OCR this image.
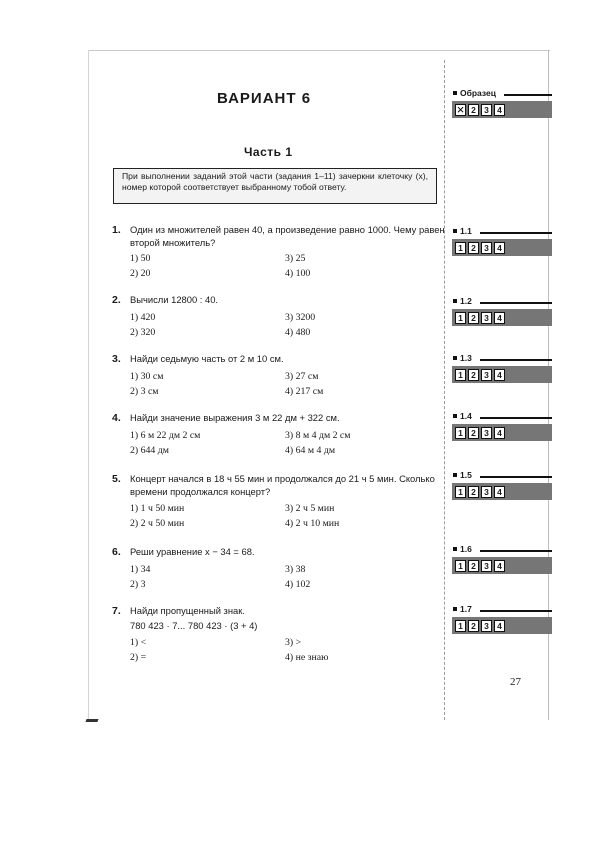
ВАРИАНТ 6
Часть 1
При выполнении заданий этой части (задания 1–11) зачеркни клеточку (х), номер которой соответствует выбранному тобой ответу.
1. Один из множителей равен 40, а произведение равно 1000. Чему равен второй множитель?
1) 50	3) 25
2) 20	4) 100
2. Вычисли 12800 : 40.
1) 420	3) 3200
2) 320	4) 480
3. Найди седьмую часть от 2 м 10 см.
1) 30 см	3) 27 см
2) 3 см	4) 217 см
4. Найди значение выражения 3 м 22 дм + 322 см.
1) 6 м 22 дм 2 см	3) 8 м 4 дм 2 см
2) 644 дм	4) 64 м 4 дм
5. Концерт начался в 18 ч 55 мин и продолжался до 21 ч 5 мин. Сколько времени продолжался концерт?
1) 1 ч 50 мин	3) 2 ч 5 мин
2) 2 ч 50 мин	4) 2 ч 10 мин
6. Реши уравнение x − 34 = 68.
1) 34	3) 38
2) 3	4) 102
7. Найди пропущенный знак.
780 423 · 7... 780 423 · (3 + 4)
1) <	3) >
2) =	4) не знаю
Образец
×
2 3 4
1.1
1 2 3 4
1.2
1 2 3 4
1.3
1 2 3 4
1.4
1 2 3 4
1.5
1 2 3 4
1.6
1 2 3 4
1.7
1 2 3 4
27
